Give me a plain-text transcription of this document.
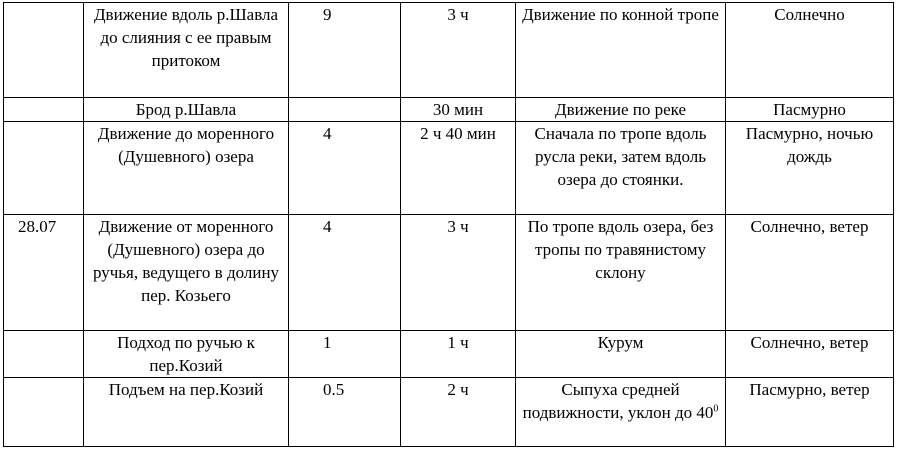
	Движение вдоль р.Шавла до слияния с ее правым притоком	9	3 ч	Движение по конной тропе	Солнечно
	Брод р.Шавла		30 мин	Движение по реке	Пасмурно
	Движение до моренного (Душевного) озера	4	2 ч 40 мин	Сначала по тропе вдоль русла реки, затем вдоль озера до стоянки.	Пасмурно, ночью дождь
28.07	Движение от моренного (Душевного) озера до ручья, ведущего в долину пер. Козьего	4	3 ч	По тропе вдоль озера, без тропы по травянистому склону	Солнечно, ветер
	Подход по ручью к пер.Козий	1	1 ч	Курум	Солнечно, ветер
	Подъем на пер.Козий	0.5	2 ч	Сыпуха средней подвижности, уклон до $40^0$	Пасмурно, ветер
